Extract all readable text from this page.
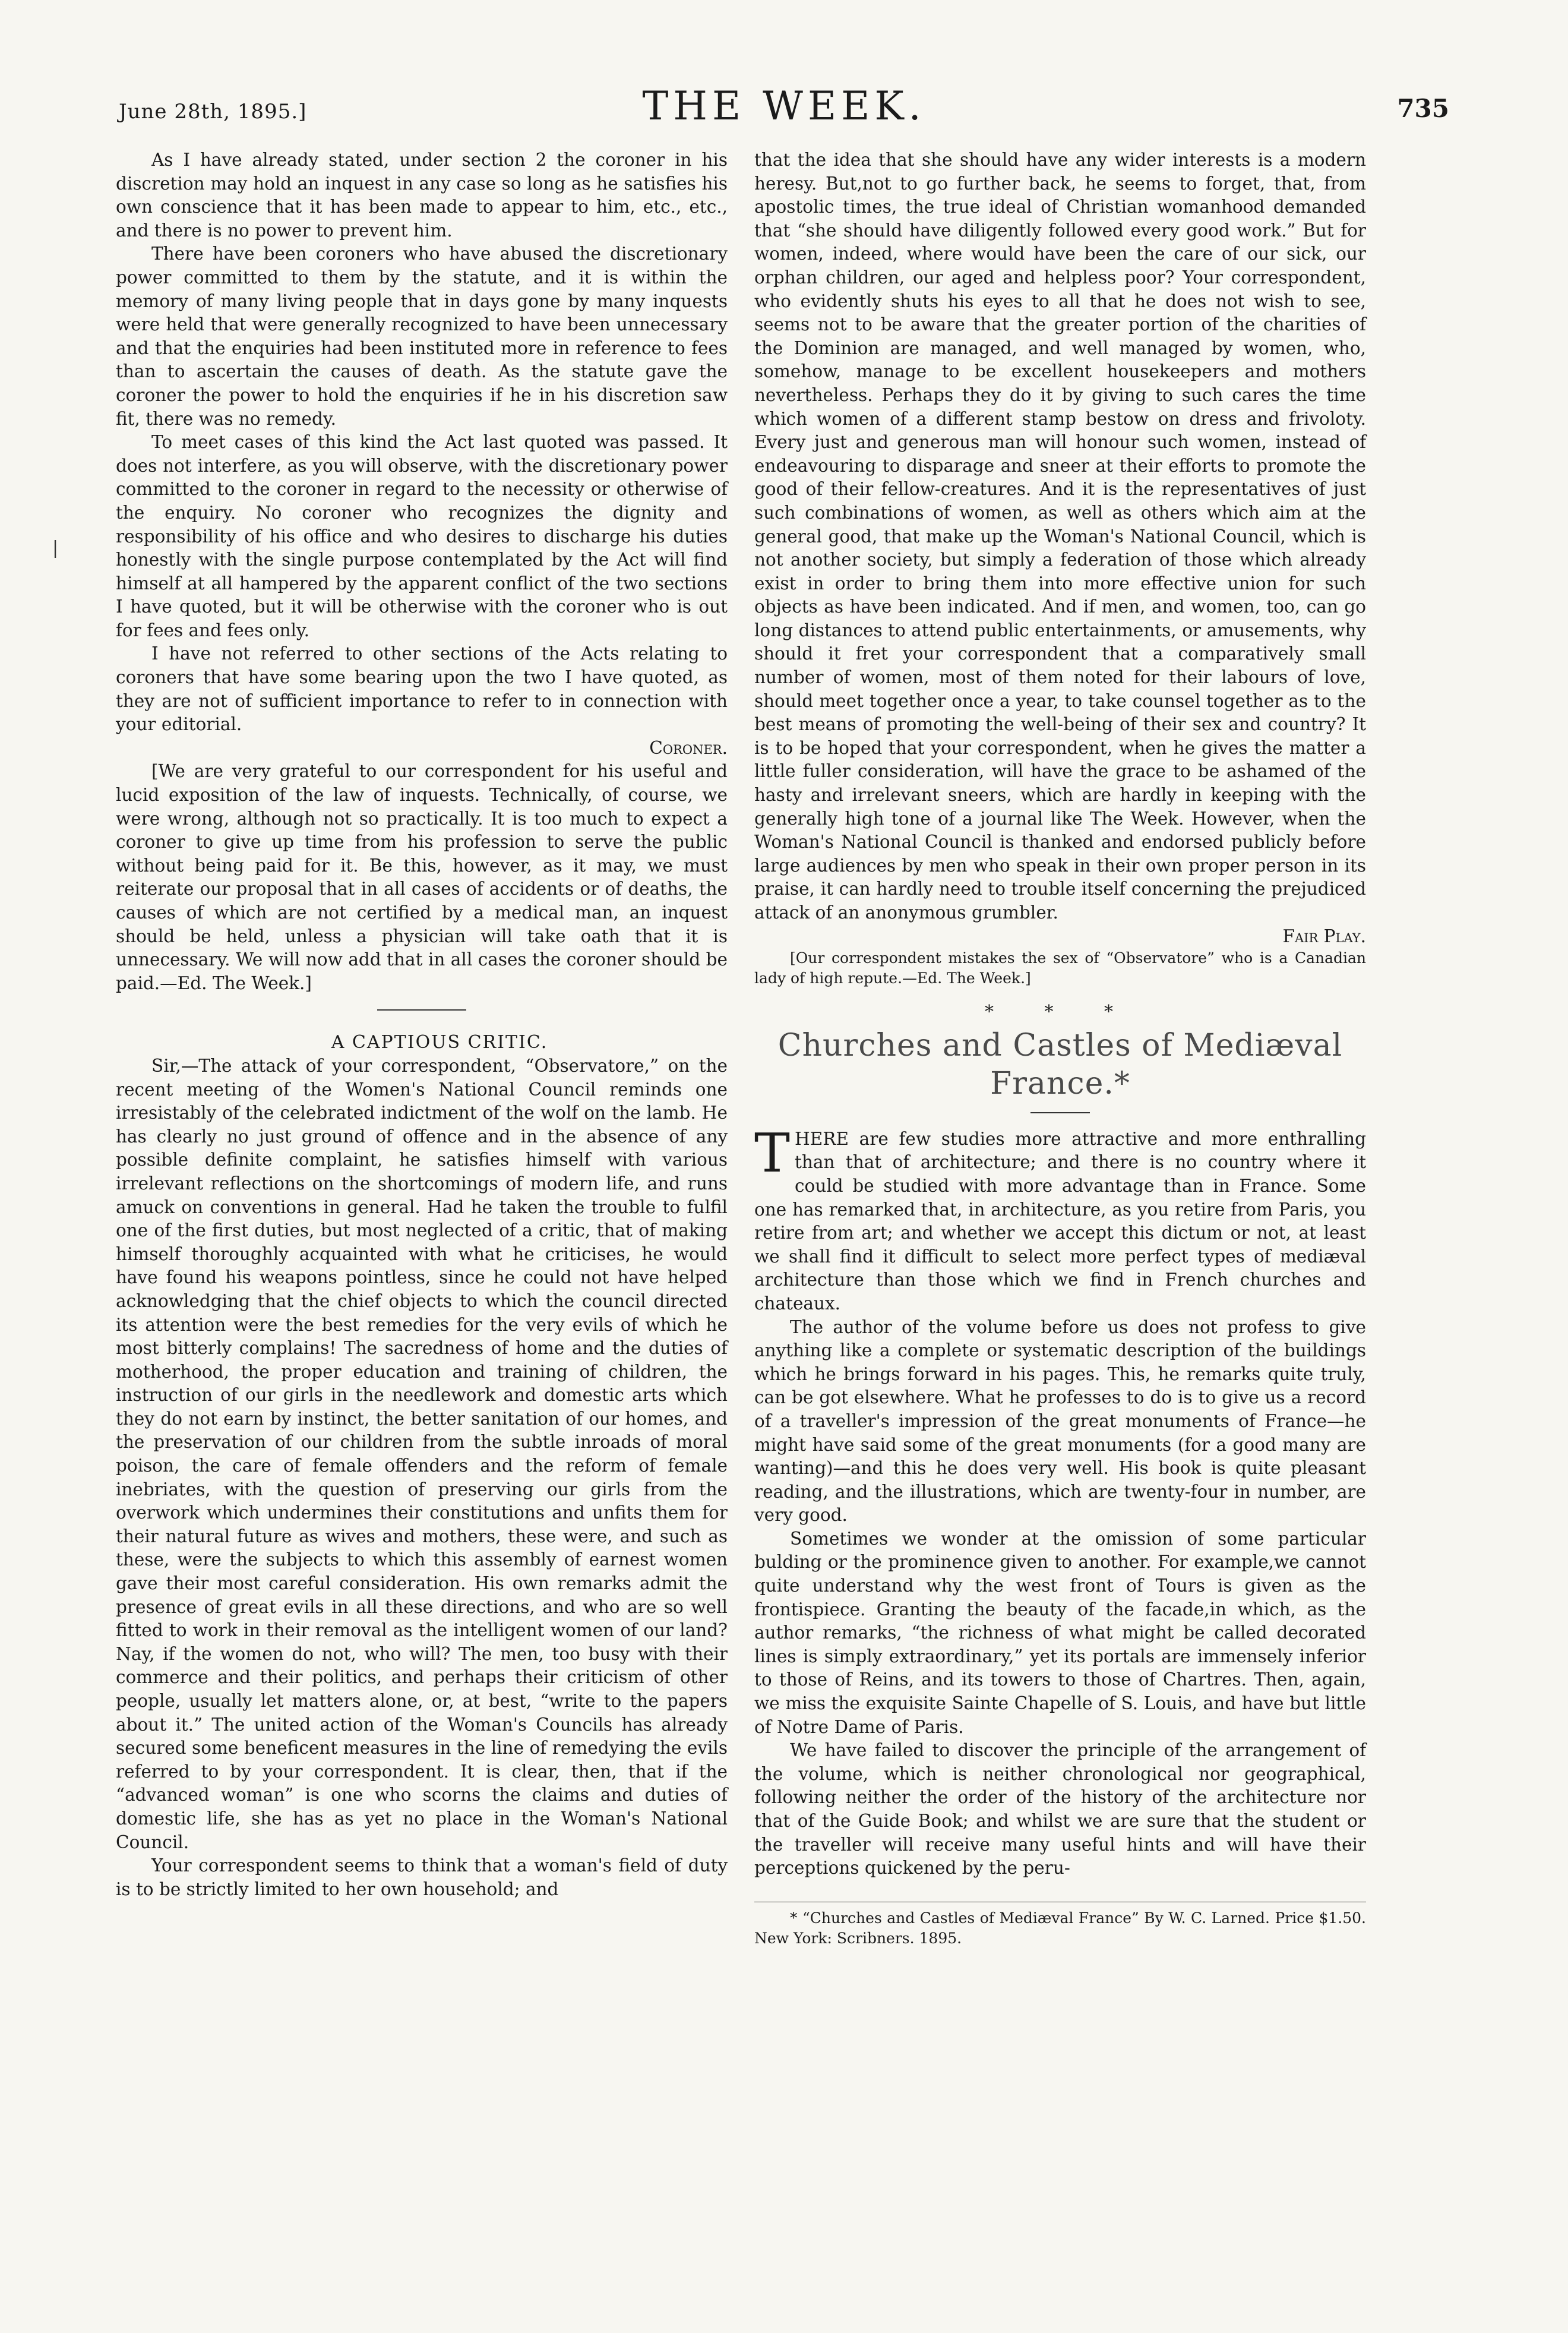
June 28th, 1895.]	THE WEEK.	735
|

As I have already stated, under section 2 the coroner in his discretion may hold an inquest in any case so long as he satisfies his own conscience that it has been made to appear to him, etc., etc., and there is no power to prevent him.

There have been coroners who have abused the discretionary power committed to them by the statute, and it is within the memory of many living people that in days gone by many inquests were held that were generally recognized to have been unnecessary and that the enquiries had been instituted more in reference to fees than to ascertain the causes of death. As the statute gave the coroner the power to hold the enquiries if he in his discretion saw fit, there was no remedy.

To meet cases of this kind the Act last quoted was passed. It does not interfere, as you will observe, with the discretionary power committed to the coroner in regard to the necessity or otherwise of the enquiry. No coroner who recognizes the dignity and responsibility of his office and who desires to discharge his duties honestly with the single purpose contemplated by the Act will find himself at all hampered by the apparent conflict of the two sections I have quoted, but it will be otherwise with the coroner who is out for fees and fees only.

I have not referred to other sections of the Acts relating to coroners that have some bearing upon the two I have quoted, as they are not of sufficient importance to refer to in connection with your editorial.

Coroner.

[We are very grateful to our correspondent for his useful and lucid exposition of the law of inquests. Technically, of course, we were wrong, although not so practically. It is too much to expect a coroner to give up time from his profession to serve the public without being paid for it. Be this, however, as it may, we must reiterate our proposal that in all cases of accidents or of deaths, the causes of which are not certified by a medical man, an inquest should be held, unless a physician will take oath that it is unnecessary. We will now add that in all cases the coroner should be paid.—Ed. The Week.]

A CAPTIOUS CRITIC.

Sir,—The attack of your correspondent, “Observatore,” on the recent meeting of the Women's National Council reminds one irresistably of the celebrated indictment of the wolf on the lamb. He has clearly no just ground of offence and in the absence of any possible definite complaint, he satisfies himself with various irrelevant reflections on the shortcomings of modern life, and runs amuck on conventions in general. Had he taken the trouble to fulfil one of the first duties, but most neglected of a critic, that of making himself thoroughly acquainted with what he criticises, he would have found his weapons pointless, since he could not have helped acknowledging that the chief objects to which the council directed its attention were the best remedies for the very evils of which he most bitterly complains! The sacredness of home and the duties of motherhood, the proper education and training of children, the instruction of our girls in the needlework and domestic arts which they do not earn by instinct, the better sanitation of our homes, and the preservation of our children from the subtle inroads of moral poison, the care of female offenders and the reform of female inebriates, with the question of preserving our girls from the overwork which undermines their constitutions and unfits them for their natural future as wives and mothers, these were, and such as these, were the subjects to which this assembly of earnest women gave their most careful consideration. His own remarks admit the presence of great evils in all these directions, and who are so well fitted to work in their removal as the intelligent women of our land? Nay, if the women do not, who will? The men, too busy with their commerce and their politics, and perhaps their criticism of other people, usually let matters alone, or, at best, “write to the papers about it.” The united action of the Woman's Councils has already secured some beneficent measures in the line of remedying the evils referred to by your correspondent. It is clear, then, that if the “advanced woman” is one who scorns the claims and duties of domestic life, she has as yet no place in the Woman's National Council.

Your correspondent seems to think that a woman's field of duty is to be strictly limited to her own household; and

that the idea that she should have any wider interests is a modern heresy. But,not to go further back, he seems to forget, that, from apostolic times, the true ideal of Christian womanhood demanded that “she should have diligently followed every good work.” But for women, indeed, where would have been the care of our sick, our orphan children, our aged and helpless poor? Your correspondent, who evidently shuts his eyes to all that he does not wish to see, seems not to be aware that the greater portion of the charities of the Dominion are managed, and well managed by women, who, somehow, manage to be excellent housekeepers and mothers nevertheless. Perhaps they do it by giving to such cares the time which women of a different stamp bestow on dress and frivoloty. Every just and generous man will honour such women, instead of endeavouring to disparage and sneer at their efforts to promote the good of their fellow-creatures. And it is the representatives of just such combinations of women, as well as others which aim at the general good, that make up the Woman's National Council, which is not another society, but simply a federation of those which already exist in order to bring them into more effective union for such objects as have been indicated. And if men, and women, too, can go long distances to attend public entertainments, or amusements, why should it fret your correspondent that a comparatively small number of women, most of them noted for their labours of love, should meet together once a year, to take counsel together as to the best means of promoting the well-being of their sex and country? It is to be hoped that your correspondent, when he gives the matter a little fuller consideration, will have the grace to be ashamed of the hasty and irrelevant sneers, which are hardly in keeping with the generally high tone of a journal like The Week. However, when the Woman's National Council is thanked and endorsed publicly before large audiences by men who speak in their own proper person in its praise, it can hardly need to trouble itself concerning the prejudiced attack of an anonymous grumbler.

Fair Play.

[Our correspondent mistakes the sex of “Observatore” who is a Canadian lady of high repute.—Ed. The Week.]

* * *
Churches and Castles of Mediæval France.*

THERE are few studies more attractive and more enthralling than that of architecture; and there is no country where it could be studied with more advantage than in France. Some one has remarked that, in architecture, as you retire from Paris, you retire from art; and whether we accept this dictum or not, at least we shall find it difficult to select more perfect types of mediæval architecture than those which we find in French churches and chateaux.

The author of the volume before us does not profess to give anything like a complete or systematic description of the buildings which he brings forward in his pages. This, he remarks quite truly, can be got elsewhere. What he professes to do is to give us a record of a traveller's impression of the great monuments of France—he might have said some of the great monuments (for a good many are wanting)—and this he does very well. His book is quite pleasant reading, and the illustrations, which are twenty-four in number, are very good.

Sometimes we wonder at the omission of some particular bulding or the prominence given to another. For example,we cannot quite understand why the west front of Tours is given as the frontispiece. Granting the beauty of the facade,in which, as the author remarks, “the richness of what might be called decorated lines is simply extraordinary,” yet its portals are immensely inferior to those of Reins, and its towers to those of Chartres. Then, again, we miss the exquisite Sainte Chapelle of S. Louis, and have but little of Notre Dame of Paris.

We have failed to discover the principle of the arrangement of the volume, which is neither chronological nor geographical, following neither the order of the history of the architecture nor that of the Guide Book; and whilst we are sure that the student or the traveller will receive many useful hints and will have their perceptions quickened by the peru-

* “Churches and Castles of Mediæval France” By W. C. Larned. Price $1.50. New York: Scribners. 1895.
